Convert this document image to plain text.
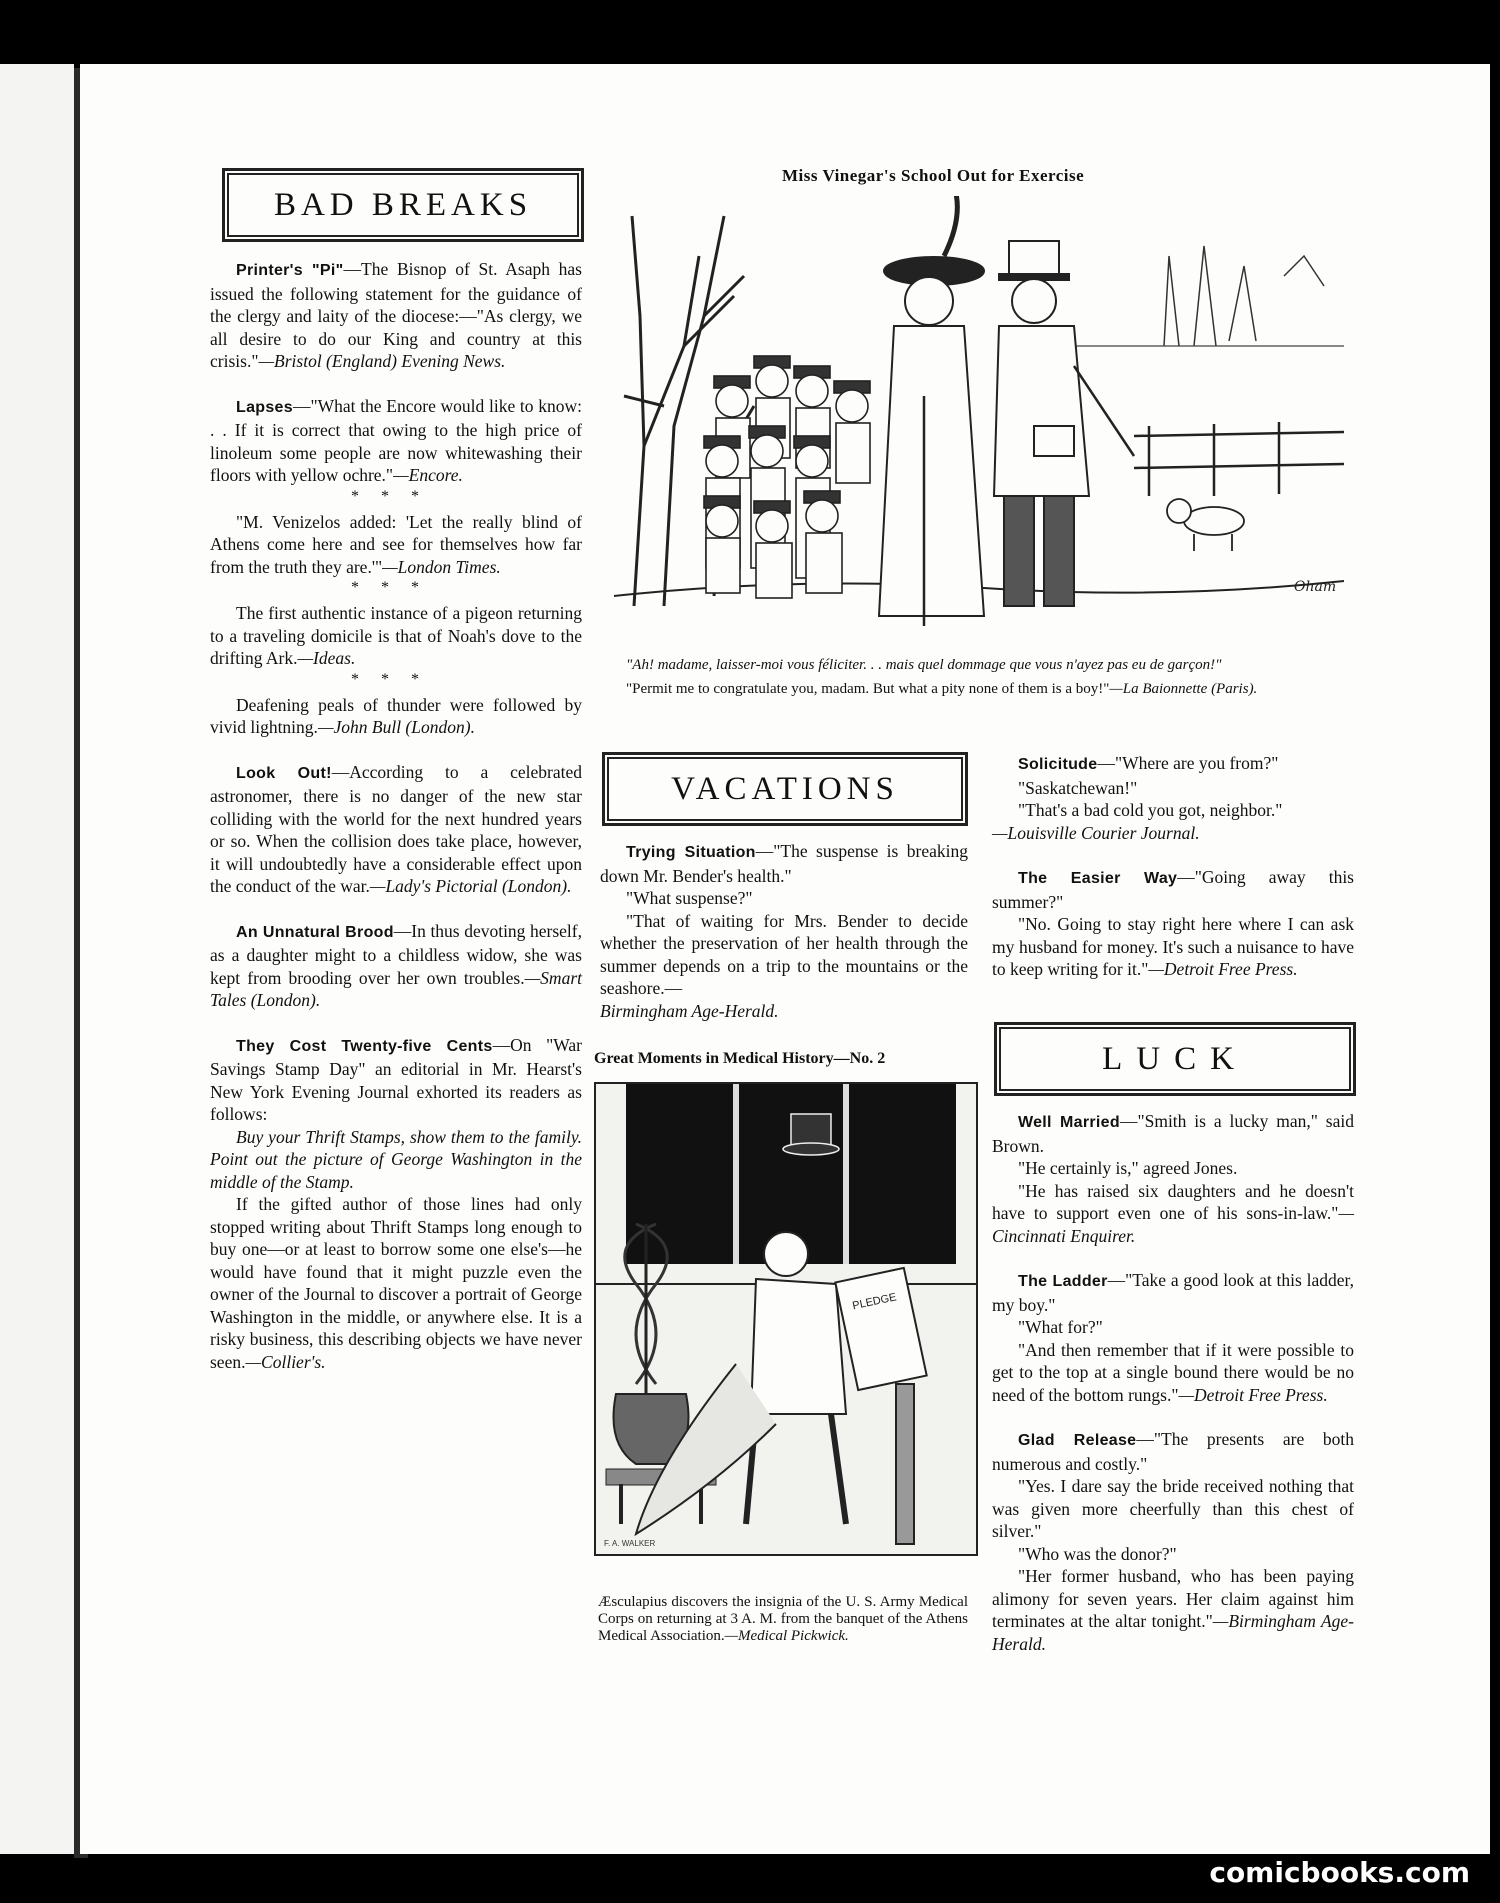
BAD BREAKS

Printer's "Pi"—The Bisnop of St. Asaph has issued the following statement for the guidance of the clergy and laity of the diocese:—"As clergy, we all desire to do our King and country at this crisis."—Bristol (England) Evening News.

Lapses—"What the Encore would like to know: . . If it is correct that owing to the high price of linoleum some people are now whitewashing their floors with yellow ochre."—Encore.

***

"M. Venizelos added: 'Let the really blind of Athens come here and see for themselves how far from the truth they are.'"—London Times.

***

The first authentic instance of a pigeon returning to a traveling domicile is that of Noah's dove to the drifting Ark.—Ideas.

***

Deafening peals of thunder were followed by vivid lightning.—John Bull (London).

Look Out!—According to a celebrated astronomer, there is no danger of the new star colliding with the world for the next hundred years or so. When the collision does take place, however, it will undoubtedly have a considerable effect upon the conduct of the war.—Lady's Pictorial (London).

An Unnatural Brood—In thus devoting herself, as a daughter might to a childless widow, she was kept from brooding over her own troubles.—Smart Tales (London).

They Cost Twenty-five Cents—On "War Savings Stamp Day" an editorial in Mr. Hearst's New York Evening Journal exhorted its readers as follows:

Buy your Thrift Stamps, show them to the family. Point out the picture of George Washington in the middle of the Stamp.

If the gifted author of those lines had only stopped writing about Thrift Stamps long enough to buy one—or at least to borrow some one else's—he would have found that it might puzzle even the owner of the Journal to discover a portrait of George Washington in the middle, or anywhere else. It is a risky business, this describing objects we have never seen.—Collier's.

Miss Vinegar's School Out for Exercise
Oham

"Ah! madame, laisser-moi vous féliciter. . . mais quel dommage que vous n'ayez pas eu de garçon!"

"Permit me to congratulate you, madam. But what a pity none of them is a boy!"—La Baionnette (Paris).

VACATIONS

Trying Situation—"The suspense is breaking down Mr. Bender's health."

"What suspense?"

"That of waiting for Mrs. Bender to decide whether the preservation of her health through the summer depends on a trip to the mountains or the seashore.—
Birmingham Age-Herald.

Solicitude—"Where are you from?"

"Saskatchewan!"

"That's a bad cold you got, neighbor."
—Louisville Courier Journal.

The Easier Way—"Going away this summer?"

"No. Going to stay right here where I can ask my husband for money. It's such a nuisance to have to keep writing for it."—Detroit Free Press.

LUCK

Well Married—"Smith is a lucky man," said Brown.

"He certainly is," agreed Jones.

"He has raised six daughters and he doesn't have to support even one of his sons-in-law."—Cincinnati Enquirer.

The Ladder—"Take a good look at this ladder, my boy."

"What for?"

"And then remember that if it were possible to get to the top at a single bound there would be no need of the bottom rungs."—Detroit Free Press.

Glad Release—"The presents are both numerous and costly."

"Yes. I dare say the bride received nothing that was given more cheerfully than this chest of silver."

"Who was the donor?"

"Her former husband, who has been paying alimony for seven years. Her claim against him terminates at the altar tonight."—Birmingham Age-Herald.

Great Moments in Medical History—No. 2
PLEDGE
F. A. WALKER

Æsculapius discovers the insignia of the U. S. Army Medical Corps on returning at 3 A. M. from the banquet of the Athens Medical Association.—Medical Pickwick.

comicbooks.com
